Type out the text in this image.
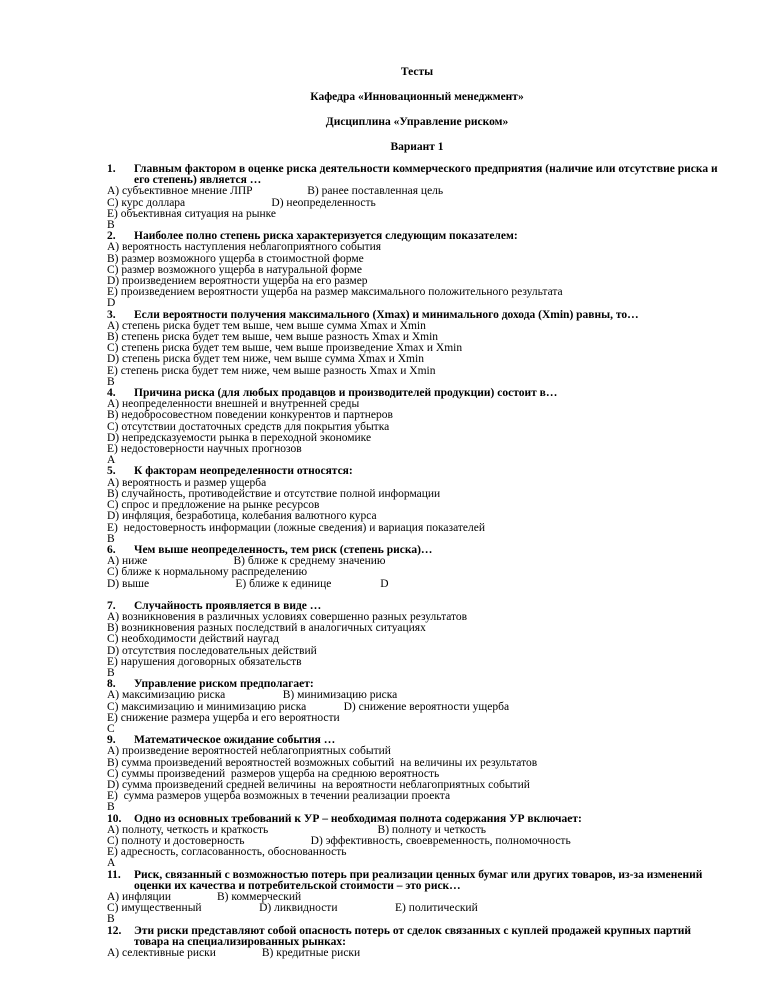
Тесты
Кафедра «Инновационный менеджмент»
Дисциплина «Управление риском»
Вариант 1
1. Главным фактором в оценке риска деятельности коммерческого предприятия (наличие или отсутствие риска и его степень) является …
A) субъективное мнение ЛПР                   B) ранее поставленная цель
C) курс доллара                              D) неопределенность
E) объективная ситуация на рынке
B
2. Наиболее полно степень риска характеризуется следующим показателем:
A) вероятность наступления неблагоприятного события
B) размер возможного ущерба в стоимостной форме
C) размер возможного ущерба в натуральной форме
D) произведением вероятности ущерба на его размер
E) произведением вероятности ущерба на размер максимального положительного результата
D
3. Если вероятности получения максимального (Xmax) и минимального дохода (Xmin) равны, то…
A) степень риска будет тем выше, чем выше сумма Xmax и Xmin
B) степень риска будет тем выше, чем выше разность Xmax и Xmin
C) степень риска будет тем выше, чем выше произведение Xmax и Xmin
D) степень риска будет тем ниже, чем выше сумма Xmax и Xmin
E) степень риска будет тем ниже, чем выше разность Xmax и Xmin
B
4. Причина риска (для любых продавцов и производителей продукции) состоит в…
A) неопределенности внешней и внутренней среды
B) недобросовестном поведении конкурентов и партнеров
C) отсутствии достаточных средств для покрытия убытка
D) непредсказуемости рынка в переходной экономике
E) недостоверности научных прогнозов
A
5. К факторам неопределенности относятся:
A) вероятность и размер ущерба
B) случайность, противодействие и отсутствие полной информации
C) спрос и предложение на рынке ресурсов
D) инфляция, безработица, колебания валютного курса
E)  недостоверность информации (ложные сведения) и вариация показателей
B
6. Чем выше неопределенность, тем риск (степень риска)…
A) ниже                              B) ближе к среднему значению
C) ближе к нормальному распределению
D) выше                              E) ближе к единице                 D
7. Случайность проявляется в виде …
A) возникновения в различных условиях совершенно разных результатов
B) возникновения разных последствий в аналогичных ситуациях
C) необходимости действий наугад
D) отсутствия последовательных действий
E) нарушения договорных обязательств
B
8. Управление риском предполагает:
A) максимизацию риска                    B) минимизацию риска
C) максимизацию и минимизацию риска             D) снижение вероятности ущерба
E) снижение размера ущерба и его вероятности
C
9. Математическое ожидание события …
A) произведение вероятностей неблагоприятных событий
B) сумма произведений вероятностей возможных событий  на величины их результатов
C) суммы произведений  размеров ущерба на среднюю вероятность
D) сумма произведений средней величины  на вероятности неблагоприятных событий
E)  сумма размеров ущерба возможных в течении реализации проекта
B
10. Одно из основных требований к УР – необходимая полнота содержания УР включает:
A) полноту, четкость и краткость                                      B) полноту и четкость
C) полноту и достоверность                       D) эффективность, своевременность, полномочность
E) адресность, согласованность, обоснованность
A
11. Риск, связанный с возможностью потерь при реализации ценных бумаг или других товаров, из-за изменений оценки их качества и потребительской стоимости – это риск…
A) инфляции                B) коммерческий
C) имущественный                    D) ликвидности                    E) политический
B
12. Эти риски представляют собой опасность потерь от сделок связанных с куплей продажей крупных партий товара на специализированных рынках:
A) селективные риски                B) кредитные риски
